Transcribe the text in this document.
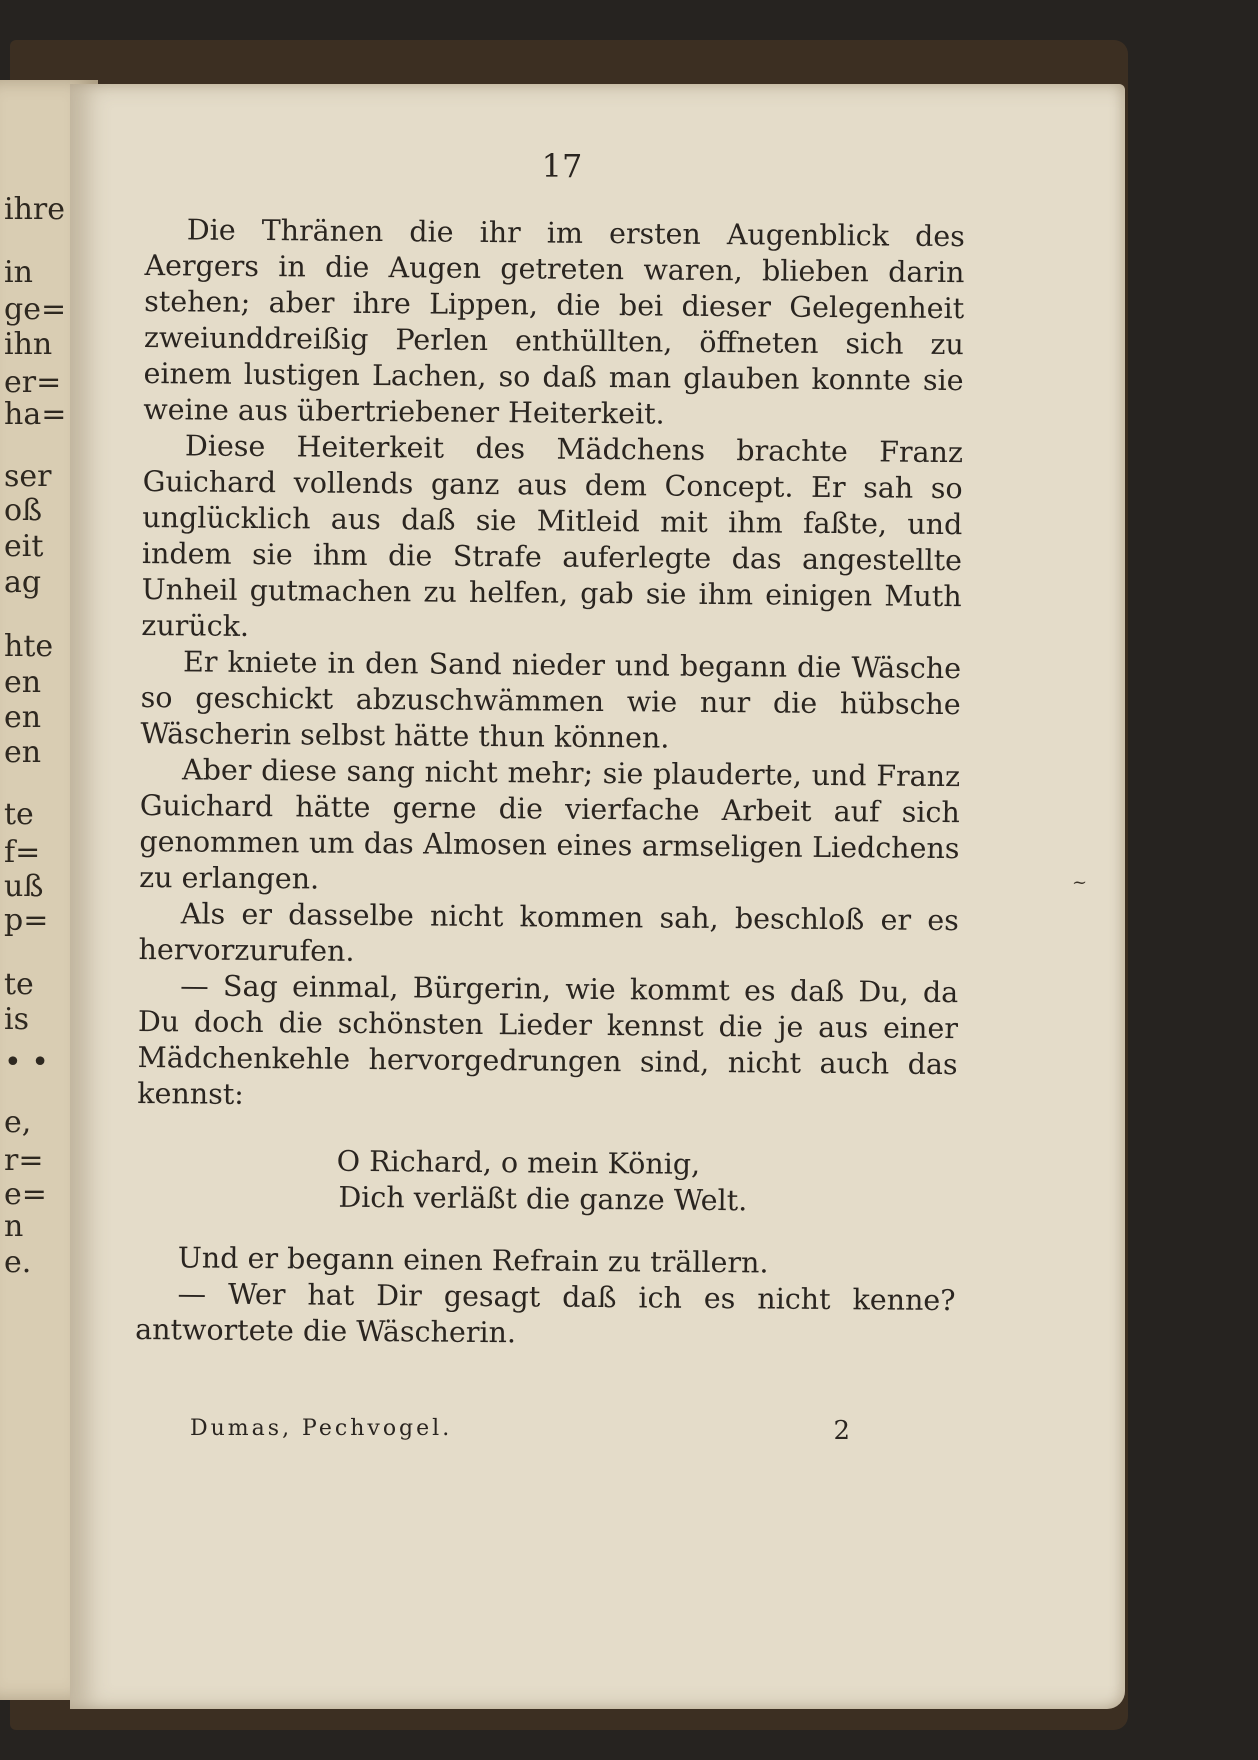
ihre
in
ge=
ihn
er=
ha=
ser
oß
eit
ag
hte
en
en
en
te
f=
uß
p=
te
is
• •
e,
r=
e=
n
e.
17

Die Thränen die ihr im ersten Augenblick des Aergers in die Augen getreten waren, blieben darin stehen; aber ihre Lippen, die bei dieser Gelegenheit zweiunddreißig Perlen enthüllten, öffneten sich zu einem lustigen Lachen, so daß man glauben konnte sie weine aus übertriebener Heiterkeit.

Diese Heiterkeit des Mädchens brachte Franz Guichard vollends ganz aus dem Concept. Er sah so unglücklich aus daß sie Mitleid mit ihm faßte, und indem sie ihm die Strafe auferlegte das angestellte Unheil gutmachen zu helfen, gab sie ihm einigen Muth zurück.

Er kniete in den Sand nieder und begann die Wäsche so geschickt abzuschwämmen wie nur die hübsche Wäscherin selbst hätte thun können.

Aber diese sang nicht mehr; sie plauderte, und Franz Guichard hätte gerne die vierfache Arbeit auf sich genommen um das Almosen eines armseligen Liedchens zu erlangen.

Als er dasselbe nicht kommen sah, beschloß er es hervorzurufen.

— Sag einmal, Bürgerin, wie kommt es daß Du, da Du doch die schönsten Lieder kennst die je aus einer Mädchenkehle hervorgedrungen sind, nicht auch das kennst:

O Richard, o mein König,
Dich verläßt die ganze Welt.

Und er begann einen Refrain zu trällern.

— Wer hat Dir gesagt daß ich es nicht kenne? antwortete die Wäscherin.

Dumas, Pechvogel.	2
~
